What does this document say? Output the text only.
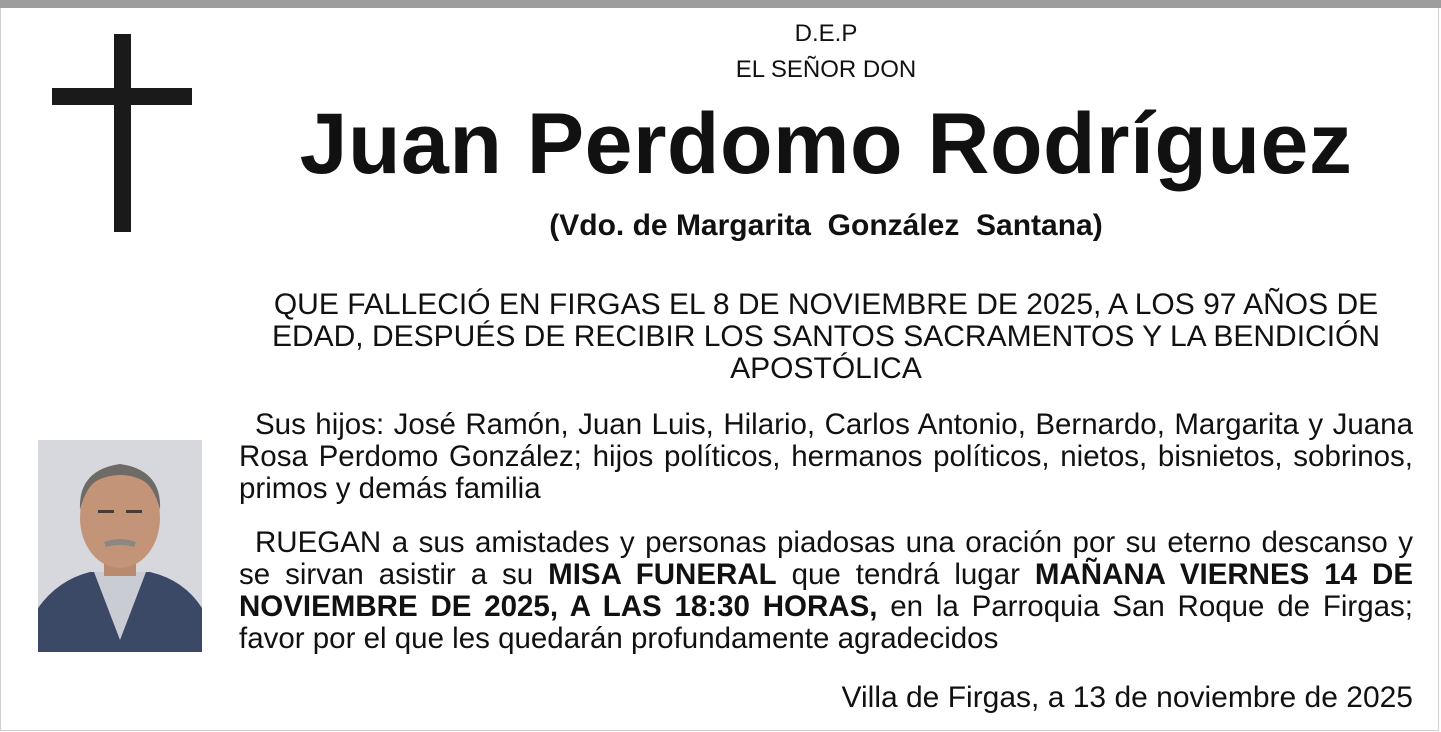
D.E.P
EL SEÑOR DON
Juan Perdomo Rodríguez
(Vdo. de Margarita  González  Santana)
QUE FALLECIÓ EN FIRGAS EL 8 DE NOVIEMBRE DE 2025, A LOS 97 AÑOS DE EDAD, DESPUÉS DE RECIBIR LOS SANTOS SACRAMENTOS Y LA BENDICIÓN APOSTÓLICA
Sus hijos: José Ramón, Juan Luis, Hilario, Carlos Antonio, Bernardo, Margarita y Juana Rosa Perdomo González; hijos políticos, hermanos políticos, nietos, bisnietos, sobrinos, primos y demás familia
RUEGAN a sus amistades y personas piadosas una oración por su eterno descanso y se sirvan asistir a su MISA FUNERAL que tendrá lugar MAÑANA VIERNES 14 DE NOVIEMBRE DE 2025, A LAS 18:30 HORAS, en la Parroquia San Roque de Firgas; favor por el que les quedarán profundamente agradecidos
Villa de Firgas, a 13 de noviembre de 2025
